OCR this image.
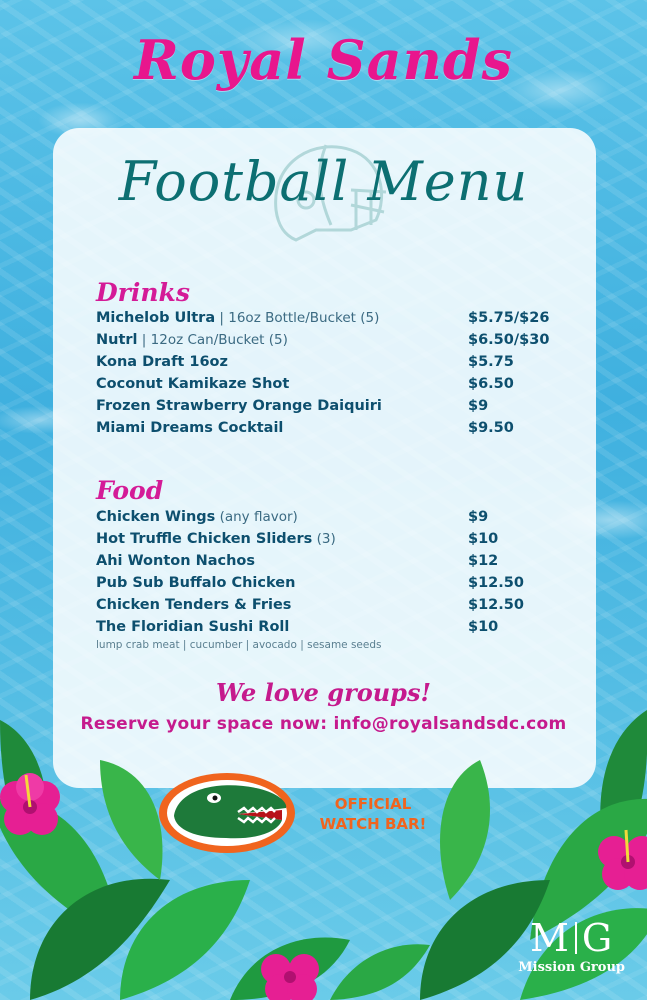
Royal Sands
Football Menu
Drinks
Michelob Ultra | 16oz Bottle/Bucket (5)	$5.75/$26
Nutrl | 12oz Can/Bucket (5)	$6.50/$30
Kona Draft 16oz	$5.75
Coconut Kamikaze Shot	$6.50
Frozen Strawberry Orange Daiquiri	$9
Miami Dreams Cocktail	$9.50
Food
Chicken Wings (any flavor)	$9
Hot Truffle Chicken Sliders (3)	$10
Ahi Wonton Nachos	$12
Pub Sub Buffalo Chicken	$12.50
Chicken Tenders & Fries	$12.50
The Floridian Sushi Roll	$10
lump crab meat | cucumber | avocado | sesame seeds
We love groups!
Reserve your space now: info@royalsandsdc.com
OFFICIAL
WATCH BAR!
M G
Mission Group
